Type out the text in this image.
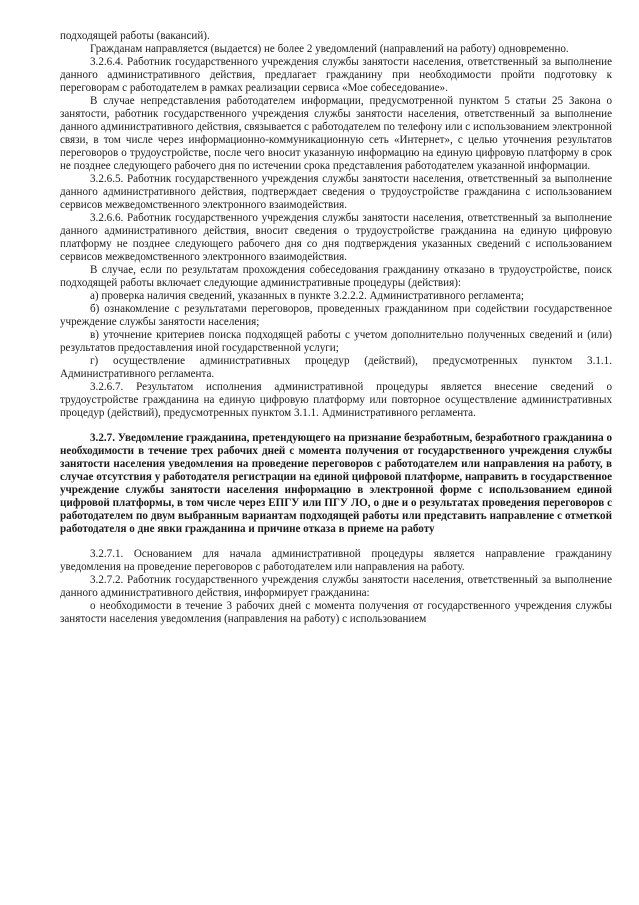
подходящей работы (вакансий).

Гражданам направляется (выдается) не более 2 уведомлений (направлений на работу) одновременно.

3.2.6.4. Работник государственного учреждения службы занятости населения, ответственный за выполнение данного административного действия, предлагает гражданину при необходимости пройти подготовку к переговорам с работодателем в рамках реализации сервиса «Мое собеседование».

В случае непредставления работодателем информации, предусмотренной пунктом 5 статьи 25 Закона о занятости, работник государственного учреждения службы занятости населения, ответственный за выполнение данного административного действия, связывается с работодателем по телефону или с использованием электронной связи, в том числе через информационно-коммуникационную сеть «Интернет», с целью уточнения результатов переговоров о трудоустройстве, после чего вносит указанную информацию на единую цифровую платформу в срок не позднее следующего рабочего дня по истечении срока представления работодателем указанной информации.

3.2.6.5. Работник государственного учреждения службы занятости населения, ответственный за выполнение данного административного действия, подтверждает сведения о трудоустройстве гражданина с использованием сервисов межведомственного электронного взаимодействия.

3.2.6.6. Работник государственного учреждения службы занятости населения, ответственный за выполнение данного административного действия, вносит сведения о трудоустройстве гражданина на единую цифровую платформу не позднее следующего рабочего дня со дня подтверждения указанных сведений с использованием сервисов межведомственного электронного взаимодействия.

В случае, если по результатам прохождения собеседования гражданину отказано в трудоустройстве, поиск подходящей работы включает следующие административные процедуры (действия):

а) проверка наличия сведений, указанных в пункте 3.2.2.2. Административного регламента;

б) ознакомление с результатами переговоров, проведенных гражданином при содействии государственное учреждение службы занятости населения;

в) уточнение критериев поиска подходящей работы с учетом дополнительно полученных сведений и (или) результатов предоставления иной государственной услуги;

г) осуществление административных процедур (действий), предусмотренных пунктом 3.1.1. Административного регламента.

3.2.6.7. Результатом исполнения административной процедуры является внесение сведений о трудоустройстве гражданина на единую цифровую платформу или повторное осуществление административных процедур (действий), предусмотренных пунктом 3.1.1. Административного регламента.

3.2.7. Уведомление гражданина, претендующего на признание безработным, безработного гражданина о необходимости в течение трех рабочих дней с момента получения от государственного учреждения службы занятости населения уведомления на проведение переговоров с работодателем или направления на работу, в случае отсутствия у работодателя регистрации на единой цифровой платформе, направить в государственное учреждение службы занятости населения информацию в электронной форме с использованием единой цифровой платформы, в том числе через ЕПГУ или ПГУ ЛО, о дне и о результатах проведения переговоров с работодателем по двум выбранным вариантам подходящей работы или представить направление с отметкой работодателя о дне явки гражданина и причине отказа в приеме на работу

3.2.7.1. Основанием для начала административной процедуры является направление гражданину уведомления на проведение переговоров с работодателем или направления на работу.

3.2.7.2. Работник государственного учреждения службы занятости населения, ответственный за выполнение данного административного действия, информирует гражданина:

о необходимости в течение 3 рабочих дней с момента получения от государственного учреждения службы занятости населения уведомления (направления на работу) с использованием
